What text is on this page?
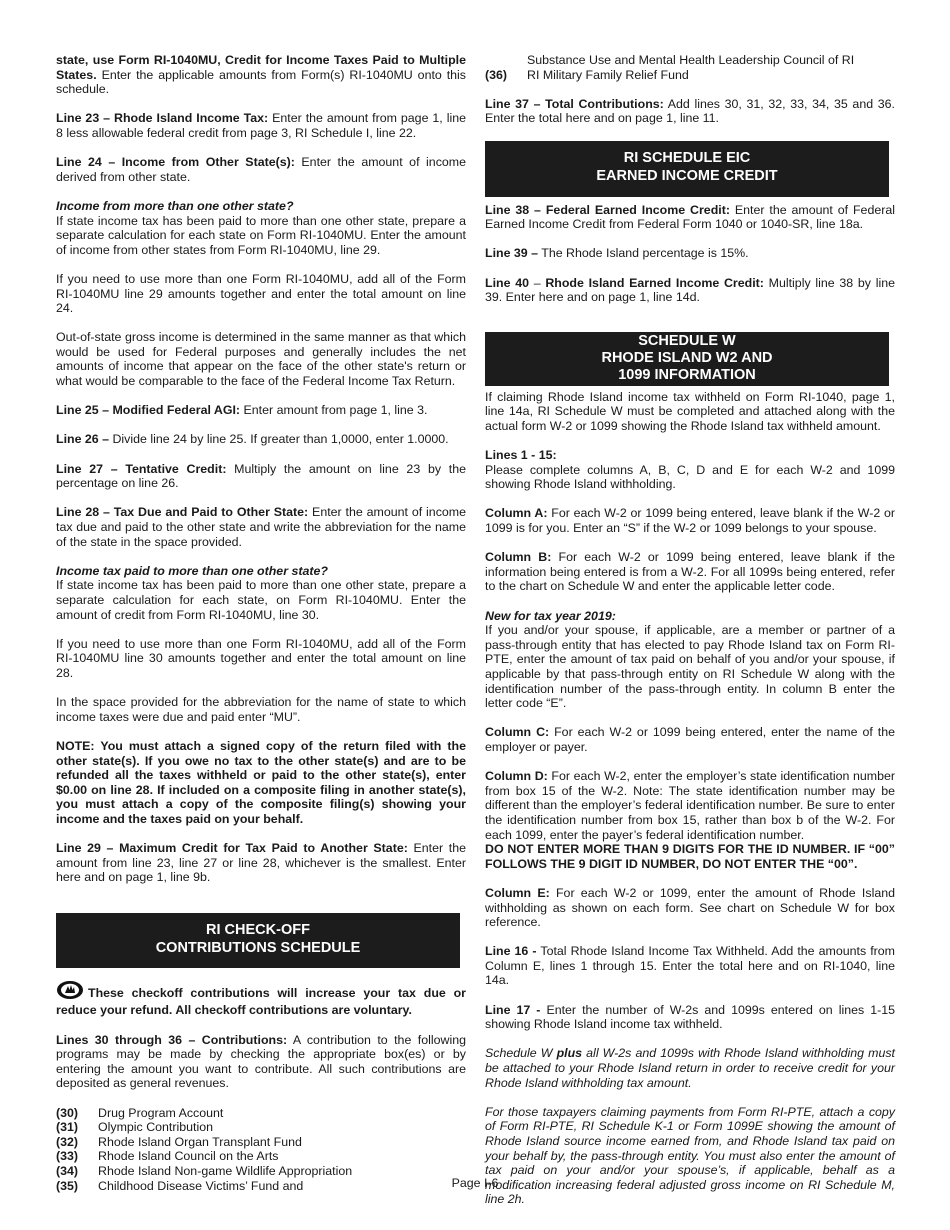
state, use Form RI-1040MU, Credit for Income Taxes Paid to Multiple States. Enter the applicable amounts from Form(s) RI-1040MU onto this schedule.

Line 23 – Rhode Island Income Tax: Enter the amount from page 1, line 8 less allowable federal credit from page 3, RI Schedule I, line 22.

Line 24 – Income from Other State(s): Enter the amount of income derived from other state.

Income from more than one other state?

If state income tax has been paid to more than one other state, prepare a separate calculation for each state on Form RI-1040MU. Enter the amount of income from other states from Form RI-1040MU, line 29.

If you need to use more than one Form RI-1040MU, add all of the Form RI-1040MU line 29 amounts together and enter the total amount on line 24.

Out-of-state gross income is determined in the same manner as that which would be used for Federal purposes and generally includes the net amounts of income that appear on the face of the other state's return or what would be comparable to the face of the Federal Income Tax Return.

Line 25 – Modified Federal AGI: Enter amount from page 1, line 3.

Line 26 – Divide line 24 by line 25. If greater than 1,0000, enter 1.0000.

Line 27 – Tentative Credit: Multiply the amount on line 23 by the percentage on line 26.

Line 28 – Tax Due and Paid to Other State: Enter the amount of income tax due and paid to the other state and write the abbreviation for the name of the state in the space provided.

Income tax paid to more than one other state?

If state income tax has been paid to more than one other state, prepare a separate calculation for each state, on Form RI-1040MU. Enter the amount of credit from Form RI-1040MU, line 30.

If you need to use more than one Form RI-1040MU, add all of the Form RI-1040MU line 30 amounts together and enter the total amount on line 28.

In the space provided for the abbreviation for the name of state to which income taxes were due and paid enter “MU”.

NOTE: You must attach a signed copy of the return filed with the other state(s). If you owe no tax to the other state(s) and are to be refunded all the taxes withheld or paid to the other state(s), enter $0.00 on line 28. If included on a composite filing in another state(s), you must attach a copy of the composite filing(s) showing your income and the taxes paid on your behalf.

Line 29 – Maximum Credit for Tax Paid to Another State: Enter the amount from line 23, line 27 or line 28, whichever is the smallest. Enter here and on page 1, line 9b.

RI CHECK-OFF
CONTRIBUTIONS SCHEDULE

These checkoff contributions will increase your tax due or reduce your refund. All checkoff contributions are voluntary.

Lines 30 through 36 – Contributions: A contribution to the following programs may be made by checking the appropriate box(es) or by entering the amount you want to contribute. All such contributions are deposited as general revenues.

(30)	Drug Program Account
(31)	Olympic Contribution
(32)	Rhode Island Organ Transplant Fund
(33)	Rhode Island Council on the Arts
(34)	Rhode Island Non-game Wildlife Appropriation
(35)	Childhood Disease Victims’ Fund and
Substance Use and Mental Health Leadership Council of RI
(36)	RI Military Family Relief Fund

Line 37 – Total Contributions: Add lines 30, 31, 32, 33, 34, 35 and 36. Enter the total here and on page 1, line 11.

RI SCHEDULE EIC
EARNED INCOME CREDIT

Line 38 – Federal Earned Income Credit: Enter the amount of Federal Earned Income Credit from Federal Form 1040 or 1040-SR, line 18a.

Line 39 – The Rhode Island percentage is 15%.

Line 40 – Rhode Island Earned Income Credit: Multiply line 38 by line 39. Enter here and on page 1, line 14d.

SCHEDULE W
RHODE ISLAND W2 AND
1099 INFORMATION

If claiming Rhode Island income tax withheld on Form RI-1040, page 1, line 14a, RI Schedule W must be completed and attached along with the actual form W-2 or 1099 showing the Rhode Island tax withheld amount.

Lines 1 - 15:

Please complete columns A, B, C, D and E for each W-2 and 1099 showing Rhode Island withholding.

Column A: For each W-2 or 1099 being entered, leave blank if the W-2 or 1099 is for you. Enter an “S” if the W-2 or 1099 belongs to your spouse.

Column B: For each W-2 or 1099 being entered, leave blank if the information being entered is from a W-2. For all 1099s being entered, refer to the chart on Schedule W and enter the applicable letter code.

New for tax year 2019:

If you and/or your spouse, if applicable, are a member or partner of a pass-through entity that has elected to pay Rhode Island tax on Form RI-PTE, enter the amount of tax paid on behalf of you and/or your spouse, if applicable by that pass-through entity on RI Schedule W along with the identification number of the pass-through entity. In column B enter the letter code “E”.

Column C: For each W-2 or 1099 being entered, enter the name of the employer or payer.

Column D: For each W-2, enter the employer’s state identification number from box 15 of the W-2. Note: The state identification number may be different than the employer’s federal identification number. Be sure to enter the identification number from box 15, rather than box b of the W-2. For each 1099, enter the payer’s federal identification number.

DO NOT ENTER MORE THAN 9 DIGITS FOR THE ID NUMBER. IF “00” FOLLOWS THE 9 DIGIT ID NUMBER, DO NOT ENTER THE “00”.

Column E: For each W-2 or 1099, enter the amount of Rhode Island withholding as shown on each form. See chart on Schedule W for box reference.

Line 16 - Total Rhode Island Income Tax Withheld. Add the amounts from Column E, lines 1 through 15. Enter the total here and on RI-1040, line 14a.

Line 17 - Enter the number of W-2s and 1099s entered on lines 1-15 showing Rhode Island income tax withheld.

Schedule W plus all W-2s and 1099s with Rhode Island withholding must be attached to your Rhode Island return in order to receive credit for your Rhode Island withholding tax amount.

For those taxpayers claiming payments from Form RI-PTE, attach a copy of Form RI-PTE, RI Schedule K-1 or Form 1099E showing the amount of Rhode Island source income earned from, and Rhode Island tax paid on your behalf by, the pass-through entity. You must also enter the amount of tax paid on your and/or your spouse’s, if applicable, behalf as a modification increasing federal adjusted gross income on RI Schedule M, line 2h.

Page I-6
